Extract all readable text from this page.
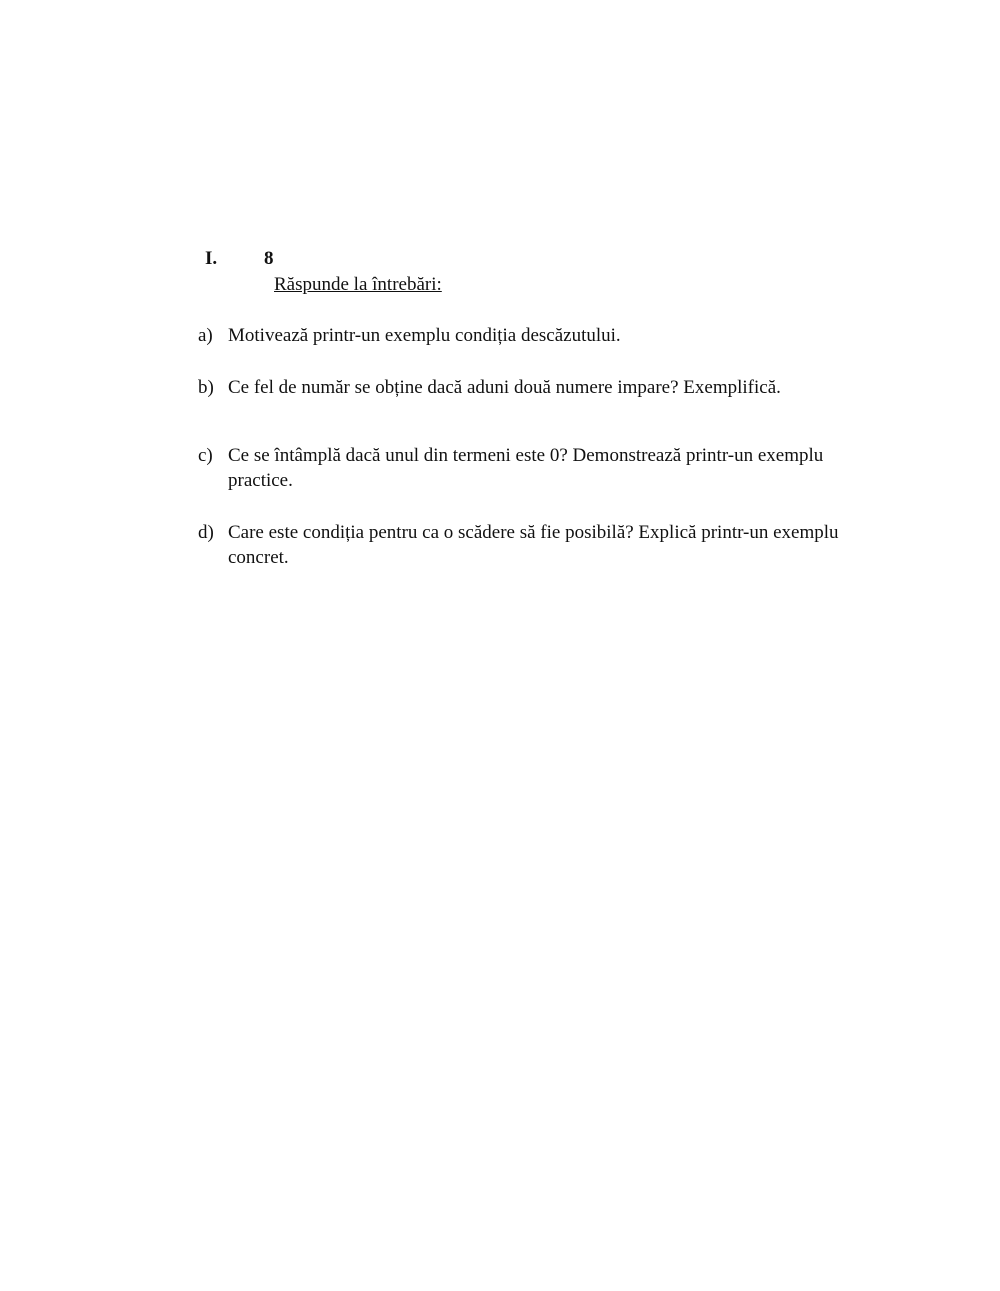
I. 8
Răspunde la întrebări:
a) Motivează printr-un exemplu condiția descăzutului.
b) Ce fel de număr se obține dacă aduni două numere impare? Exemplifică.
c) Ce se întâmplă dacă unul din termeni este 0? Demonstrează printr-un exemplu
practice.
d) Care este condiția pentru ca o scădere să fie posibilă? Explică printr-un exemplu
concret.
